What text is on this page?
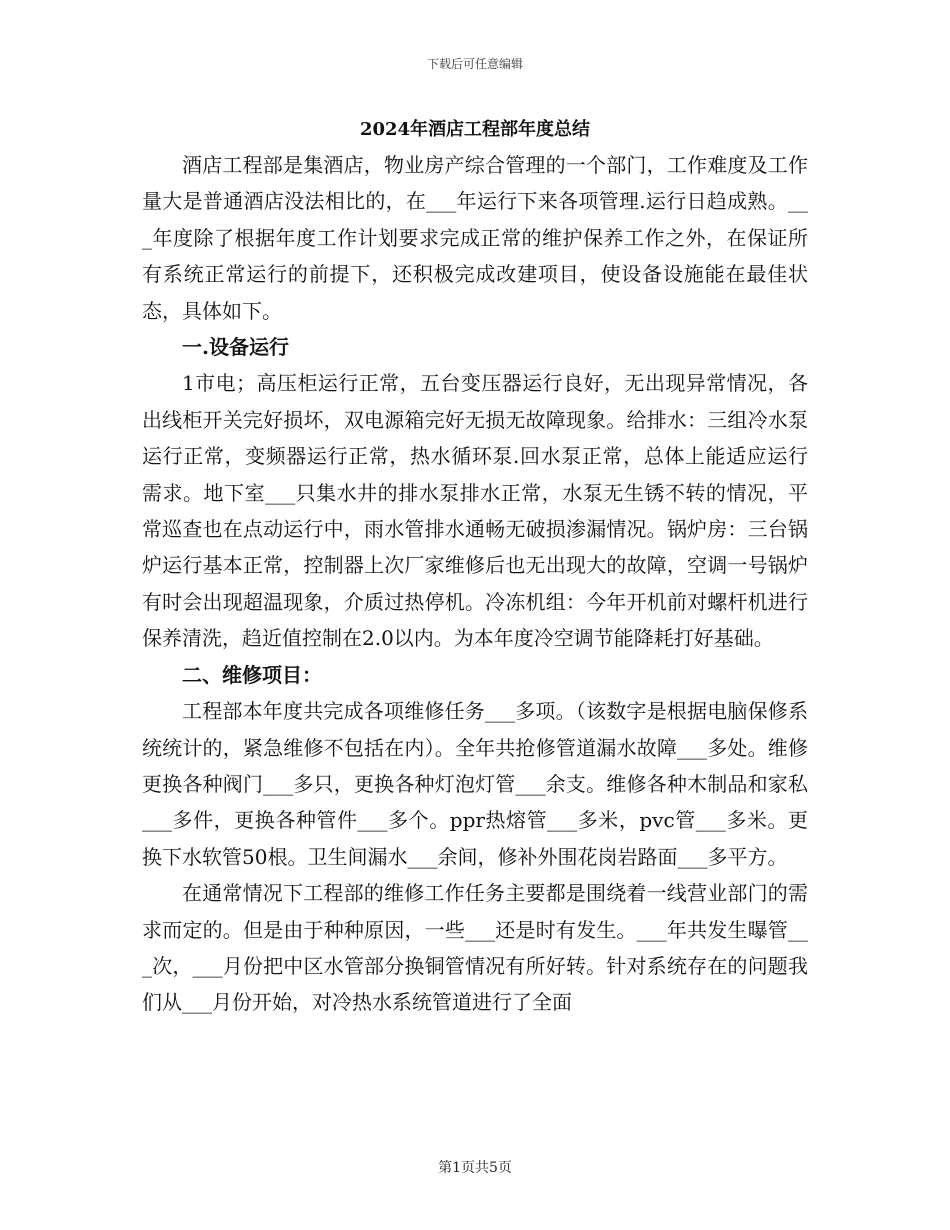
下载后可任意编辑
2024年酒店工程部年度总结

酒店工程部是集酒店，物业房产综合管理的一个部门，工作难度及工作量大是普通酒店没法相比的，在___年运行下来各项管理.运行日趋成熟。___年度除了根据年度工作计划要求完成正常的维护保养工作之外，在保证所有系统正常运行的前提下，还积极完成改建项目，使设备设施能在最佳状态，具体如下。

一.设备运行

1市电；高压柜运行正常，五台变压器运行良好，无出现异常情况，各出线柜开关完好损坏，双电源箱完好无损无故障现象。给排水：三组冷水泵运行正常，变频器运行正常，热水循环泵.回水泵正常，总体上能适应运行需求。地下室___只集水井的排水泵排水正常，水泵无生锈不转的情况，平常巡查也在点动运行中，雨水管排水通畅无破损渗漏情况。锅炉房：三台锅炉运行基本正常，控制器上次厂家维修后也无出现大的故障，空调一号锅炉有时会出现超温现象，介质过热停机。冷冻机组：今年开机前对螺杆机进行保养清洗，趋近值控制在2.0以内。为本年度冷空调节能降耗打好基础。

二、维修项目：

工程部本年度共完成各项维修任务___多项。（该数字是根据电脑保修系统统计的，紧急维修不包括在内）。全年共抢修管道漏水故障___多处。维修更换各种阀门___多只，更换各种灯泡灯管___余支。维修各种木制品和家私___多件，更换各种管件___多个。ppr热熔管___多米，pvc管___多米。更换下水软管50根。卫生间漏水___余间，修补外围花岗岩路面___多平方。

在通常情况下工程部的维修工作任务主要都是围绕着一线营业部门的需求而定的。但是由于种种原因，一些___还是时有发生。___年共发生曝管___次，___月份把中区水管部分换铜管情况有所好转。针对系统存在的问题我们从___月份开始，对冷热水系统管道进行了全面

第1页共5页
